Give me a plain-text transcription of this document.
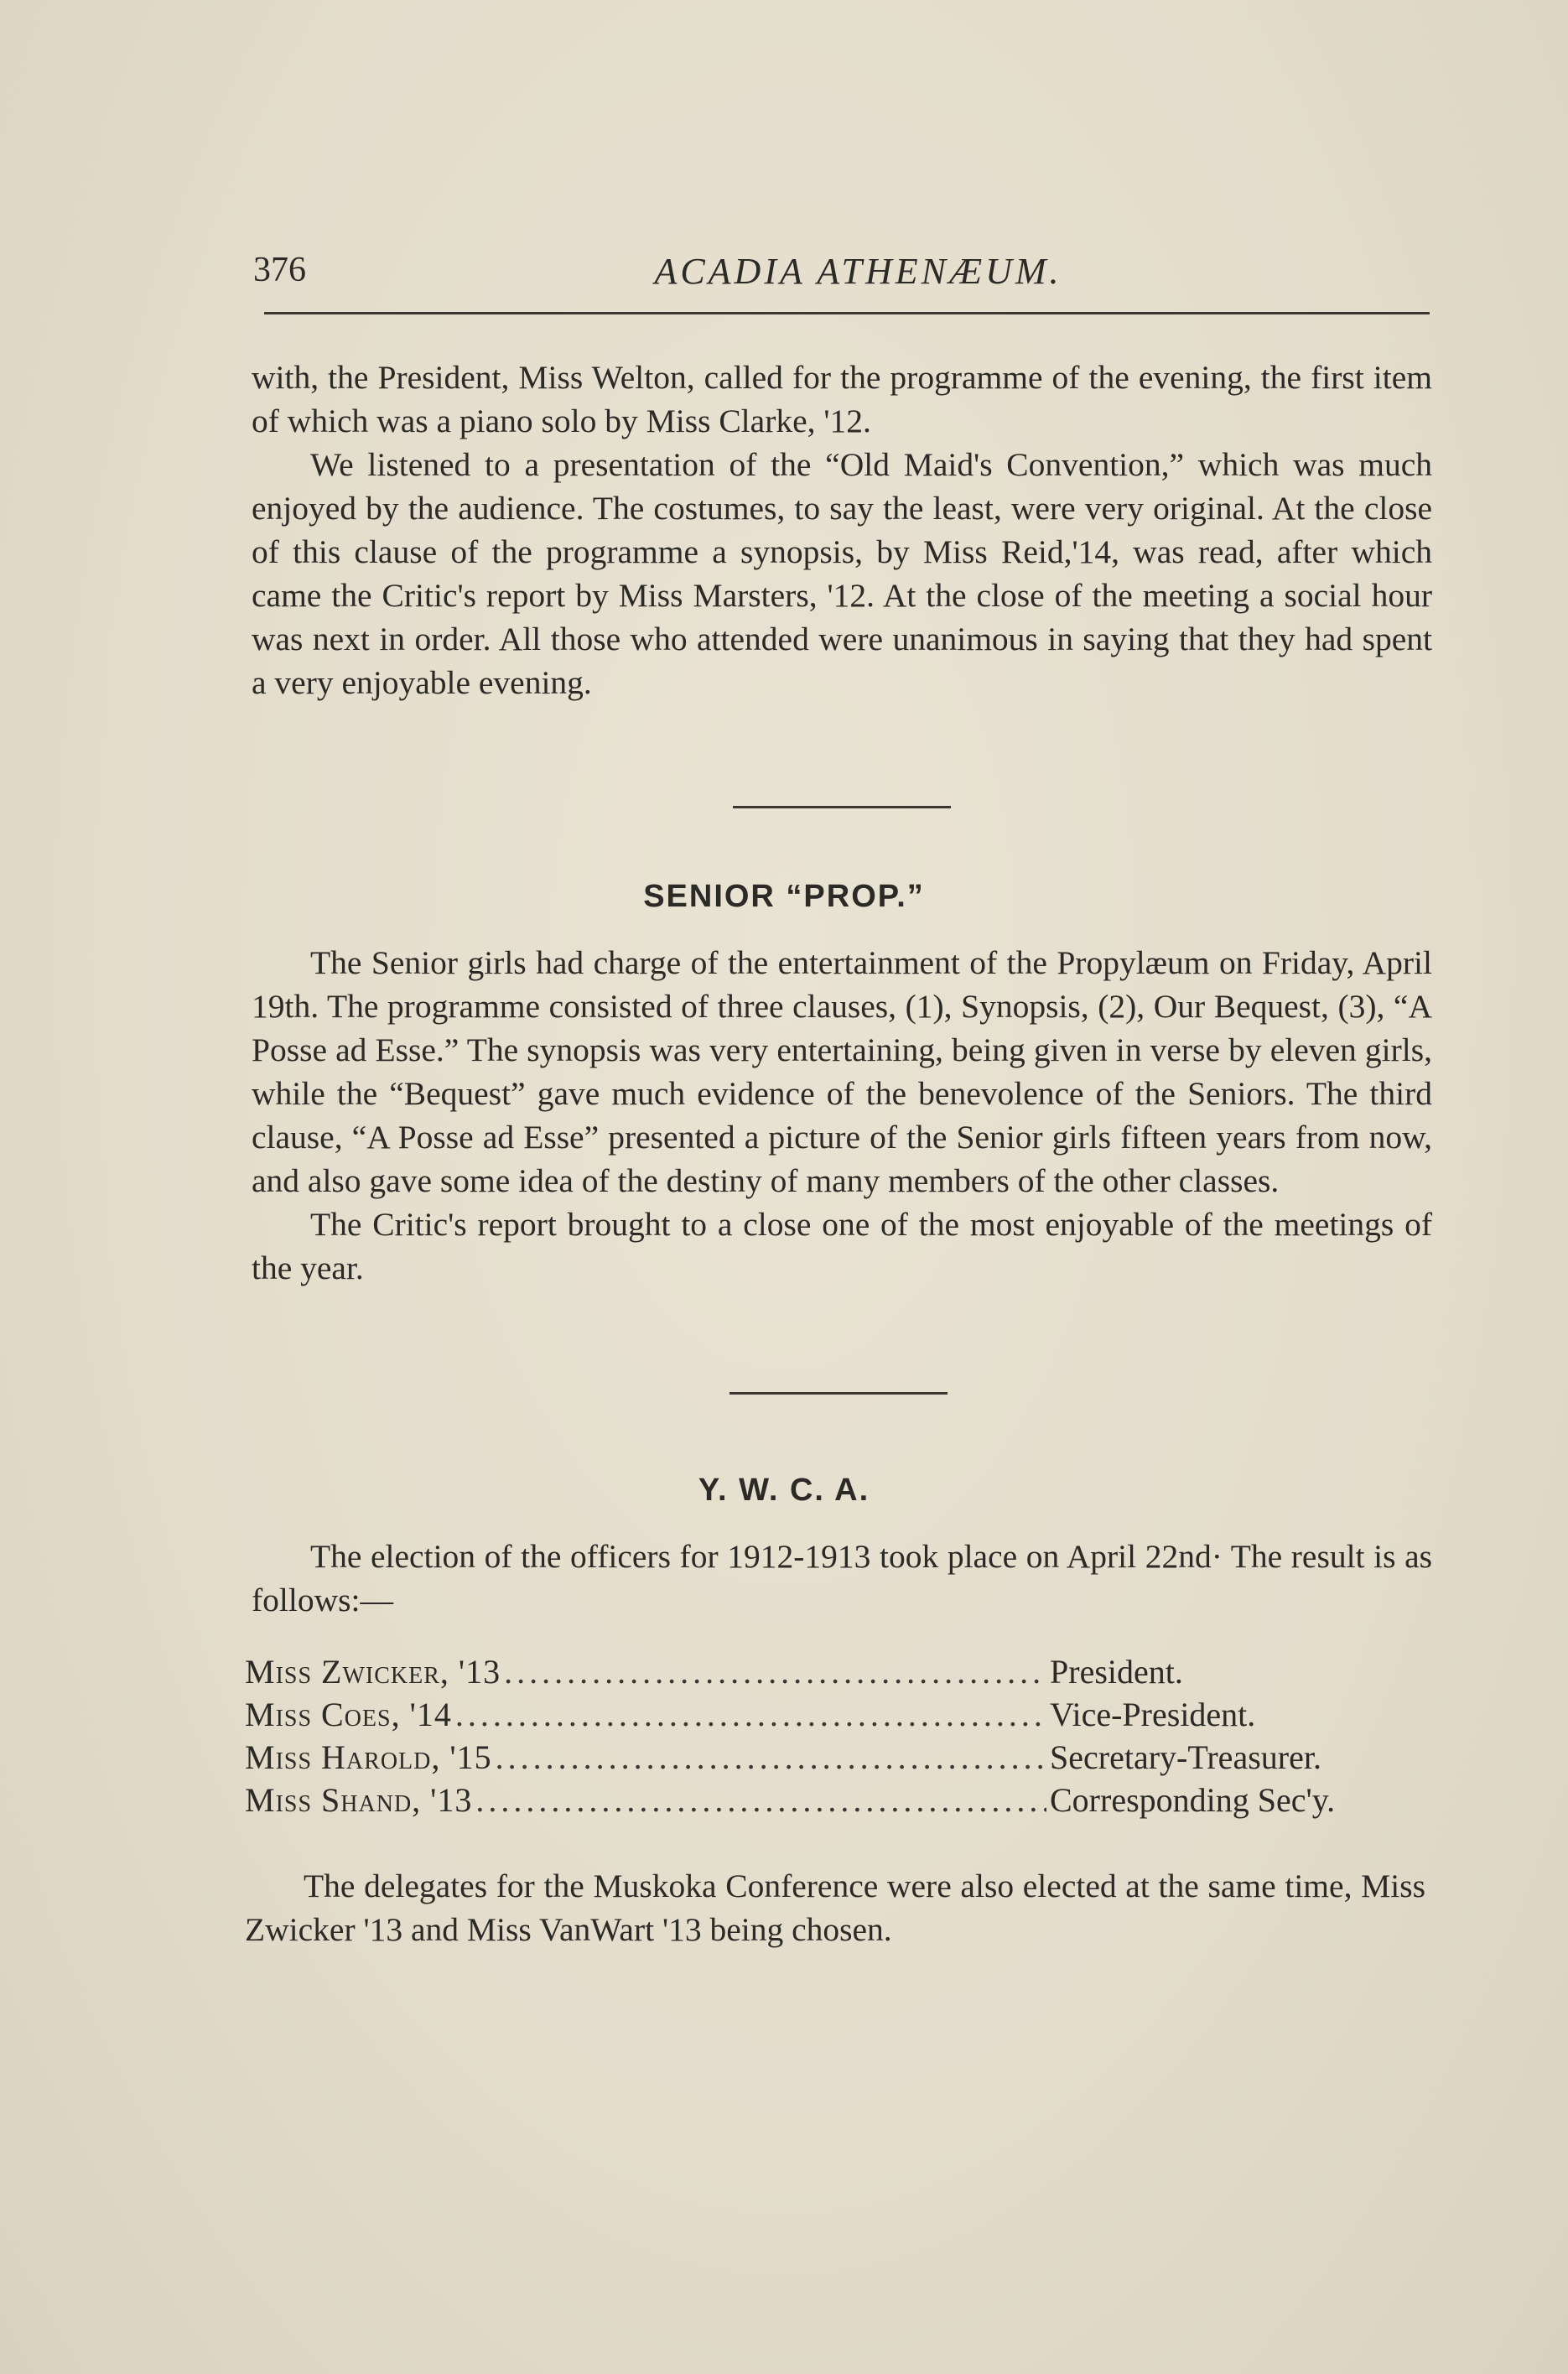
376	ACADIA ATHENÆUM.

with, the President, Miss Welton, called for the programme of the evening, the first item of which was a piano solo by Miss Clarke, '12.

We listened to a presentation of the “Old Maid's Convention,” which was much enjoyed by the audience. The costumes, to say the least, were very original. At the close of this clause of the programme a synopsis, by Miss Reid,'14, was read, after which came the Critic's report by Miss Marsters, '12. At the close of the meeting a social hour was next in order. All those who attended were unanimous in saying that they had spent a very enjoyable evening.

SENIOR “PROP.”

The Senior girls had charge of the entertainment of the Propylæum on Friday, April 19th. The programme consisted of three clauses, (1), Synopsis, (2), Our Bequest, (3), “A Posse ad Esse.” The synopsis was very entertaining, being given in verse by eleven girls, while the “Bequest” gave much evidence of the benevolence of the Seniors. The third clause, “A Posse ad Esse” presented a picture of the Senior girls fifteen years from now, and also gave some idea of the destiny of many members of the other classes.

The Critic's report brought to a close one of the most enjoyable of the meetings of the year.

Y. W. C. A.

The election of the officers for 1912-1913 took place on April 22nd· The result is as follows:—

Miss Zwicker, '13 .....	President.
Miss Coes, '14 .....	Vice-President.
Miss Harold, '15 .....	Secretary-Treasurer.
Miss Shand, '13 .....	Corresponding Sec'y.

The delegates for the Muskoka Conference were also elected at the same time, Miss Zwicker '13 and Miss VanWart '13 being chosen.
